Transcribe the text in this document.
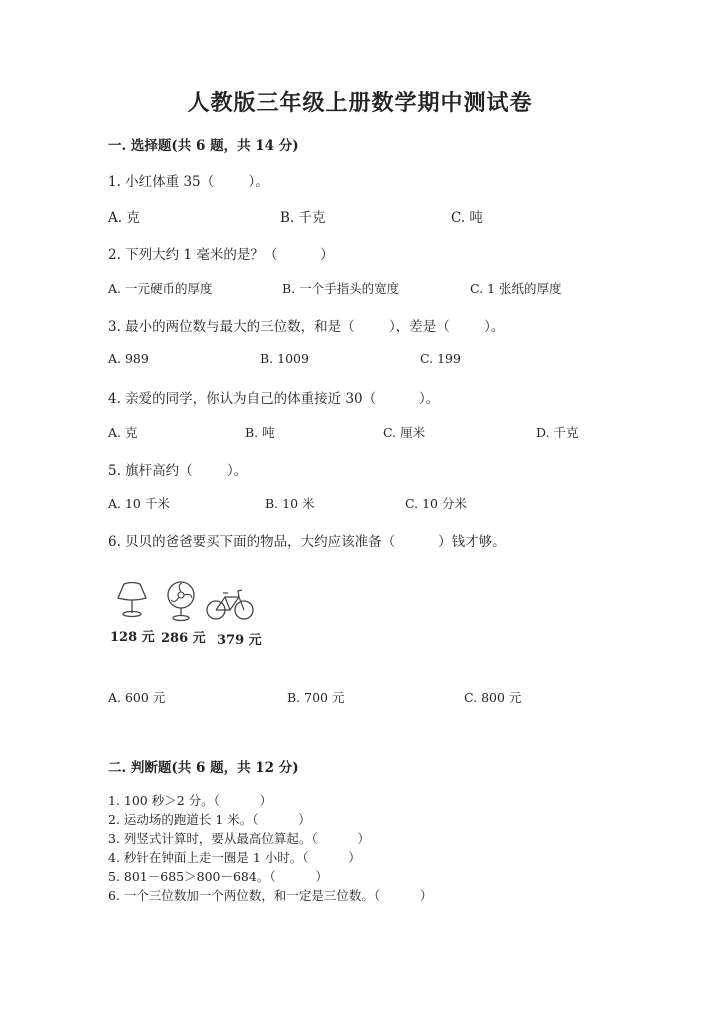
人教版三年级上册数学期中测试卷
一. 选择题(共 6 题，共 14 分)
1. 小红体重 35（        ）。
A. 克	B. 千克	C. 吨
2. 下列大约 1 毫米的是？（          ）
A. 一元硬币的厚度	B. 一个手指头的宽度	C. 1 张纸的厚度
3. 最小的两位数与最大的三位数，和是（        ），差是（        ）。
A. 989	B. 1009	C. 199
4. 亲爱的同学，你认为自己的体重接近 30（          ）。
A. 克	B. 吨	C. 厘米	D. 千克
5. 旗杆高约（        ）。
A. 10 千米	B. 10 米	C. 10 分米
6. 贝贝的爸爸要买下面的物品，大约应该准备（          ）钱才够。
128 元 286 元 379 元
A. 600 元	B. 700 元	C. 800 元
二. 判断题(共 6 题，共 12 分)
1. 100 秒＞2 分。（          ）
2. 运动场的跑道长 1 米。（          ）
3. 列竖式计算时，要从最高位算起。（          ）
4. 秒针在钟面上走一圈是 1 小时。（          ）
5. 801－685＞800－684。（          ）
6. 一个三位数加一个两位数，和一定是三位数。（          ）
